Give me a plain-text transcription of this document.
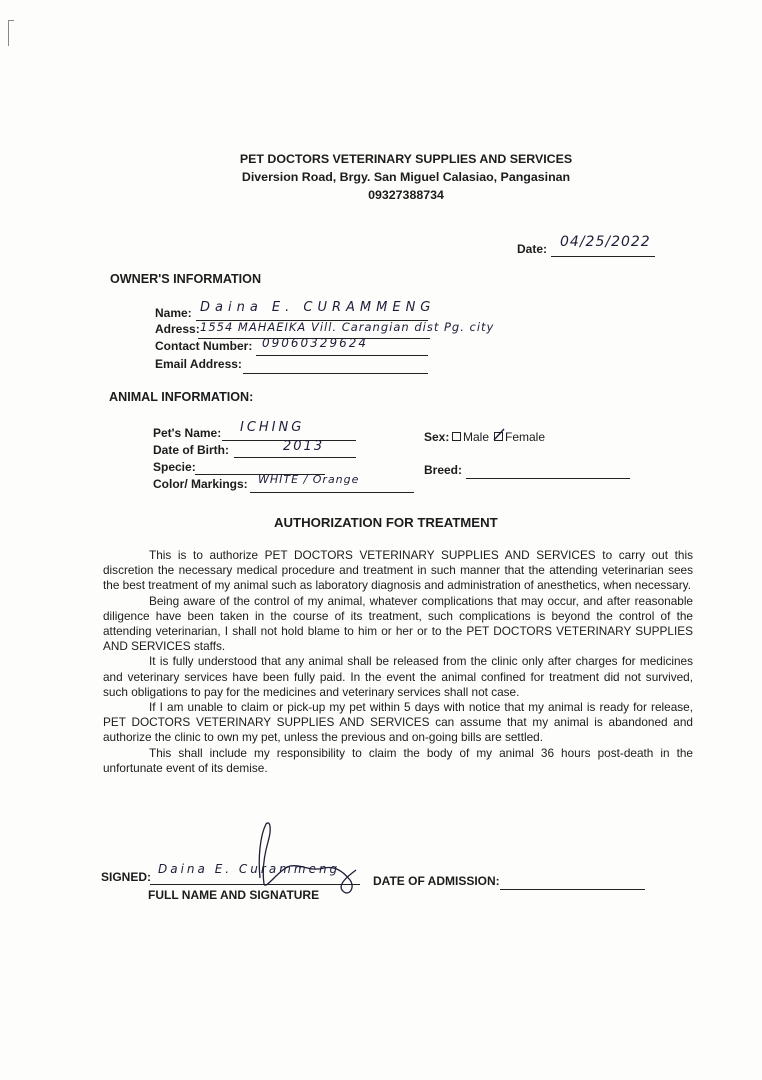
PET DOCTORS VETERINARY SUPPLIES AND SERVICES
Diversion Road, Brgy. San Miguel Calasiao, Pangasinan
09327388734
Date: 04/25/2022
OWNER'S INFORMATION
Name: Daina E. CURAMMENG
Adress: 1554 MAHAEIKA Vill. Carangian dist Pg. city
Contact Number: 09060329624
Email Address:
ANIMAL INFORMATION:
Pet's Name: ICHING
Date of Birth:	2013
Specie:
Color/ Markings: WHITE / Orange
Sex: Male Female
Breed:
AUTHORIZATION FOR TREATMENT

This is to authorize PET DOCTORS VETERINARY SUPPLIES AND SERVICES to carry out this discretion the necessary medical procedure and treatment in such manner that the attending veterinarian sees the best treatment of my animal such as laboratory diagnosis and administration of anesthetics, when necessary.

Being aware of the control of my animal, whatever complications that may occur, and after reasonable diligence have been taken in the course of its treatment, such complications is beyond the control of the attending veterinarian, I shall not hold blame to him or her or to the PET DOCTORS VETERINARY SUPPLIES AND SERVICES staffs.

It is fully understood that any animal shall be released from the clinic only after charges for medicines and veterinary services have been fully paid. In the event the animal confined for treatment did not survived, such obligations to pay for the medicines and veterinary services shall not case.

If I am unable to claim or pick-up my pet within 5 days with notice that my animal is ready for release, PET DOCTORS VETERINARY SUPPLIES AND SERVICES can assume that my animal is abandoned and authorize the clinic to own my pet, unless the previous and on-going bills are settled.

This shall include my responsibility to claim the body of my animal 36 hours post-death in the unfortunate event of its demise.

SIGNED:
Daina E. Curammeng
FULL NAME AND SIGNATURE
DATE OF ADMISSION:
